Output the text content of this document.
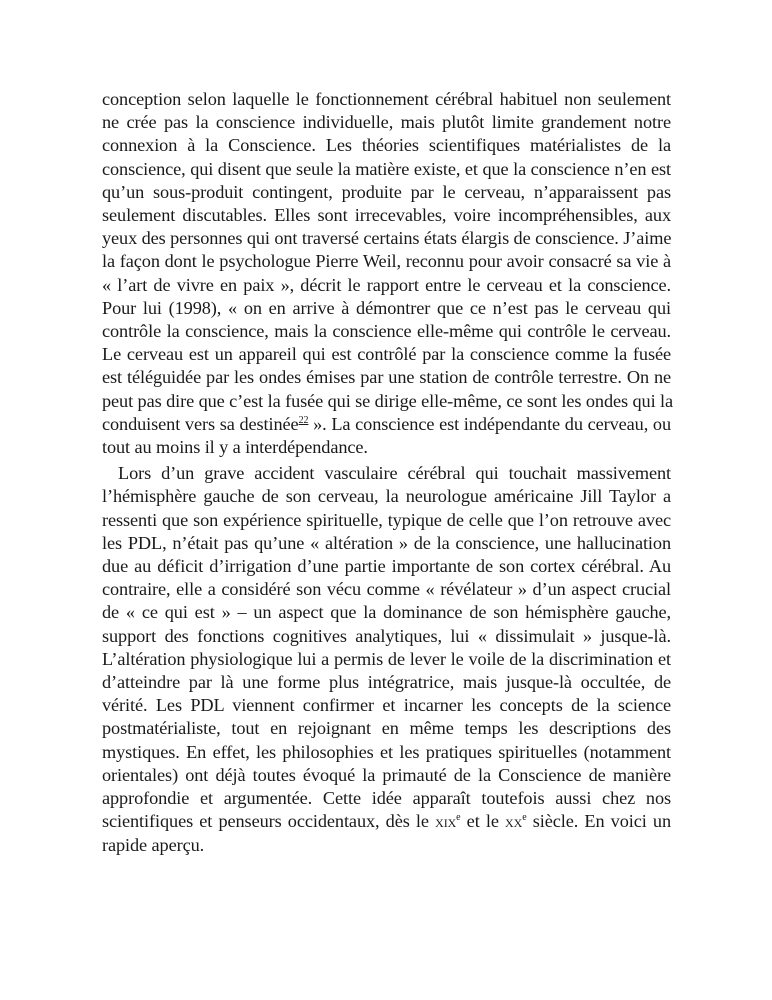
conception selon laquelle le fonctionnement cérébral habituel non seulement
ne crée pas la conscience individuelle, mais plutôt limite grandement notre
connexion à la Conscience. Les théories scientifiques matérialistes de la
conscience, qui disent que seule la matière existe, et que la conscience n’en est
qu’un sous-produit contingent, produite par le cerveau, n’apparaissent pas
seulement discutables. Elles sont irrecevables, voire incompréhensibles, aux
yeux des personnes qui ont traversé certains états élargis de conscience. J’aime
la façon dont le psychologue Pierre Weil, reconnu pour avoir consacré sa vie à
« l’art de vivre en paix », décrit le rapport entre le cerveau et la conscience.
Pour lui (1998), « on en arrive à démontrer que ce n’est pas le cerveau qui
contrôle la conscience, mais la conscience elle-même qui contrôle le cerveau.
Le cerveau est un appareil qui est contrôlé par la conscience comme la fusée
est téléguidée par les ondes émises par une station de contrôle terrestre. On ne
peut pas dire que c’est la fusée qui se dirige elle-même, ce sont les ondes qui la
conduisent vers sa destinée$^{22}$ ». La conscience est indépendante du cerveau, ou
tout au moins il y a interdépendance.

Lors d’un grave accident vasculaire cérébral qui touchait massivement
l’hémisphère gauche de son cerveau, la neurologue américaine Jill Taylor a
ressenti que son expérience spirituelle, typique de celle que l’on retrouve avec
les PDL, n’était pas qu’une « altération » de la conscience, une hallucination
due au déficit d’irrigation d’une partie importante de son cortex cérébral. Au
contraire, elle a considéré son vécu comme « révélateur » d’un aspect crucial
de « ce qui est » – un aspect que la dominance de son hémisphère gauche,
support des fonctions cognitives analytiques, lui « dissimulait » jusque-là.
L’altération physiologique lui a permis de lever le voile de la discrimination et
d’atteindre par là une forme plus intégratrice, mais jusque-là occultée, de
vérité. Les PDL viennent confirmer et incarner les concepts de la science
postmatérialiste, tout en rejoignant en même temps les descriptions des
mystiques. En effet, les philosophies et les pratiques spirituelles (notamment
orientales) ont déjà toutes évoqué la primauté de la Conscience de manière
approfondie et argumentée. Cette idée apparaît toutefois aussi chez nos
scientifiques et penseurs occidentaux, dès le xix$^e$ et le $xx^e$ siècle. En voici un
rapide aperçu.
